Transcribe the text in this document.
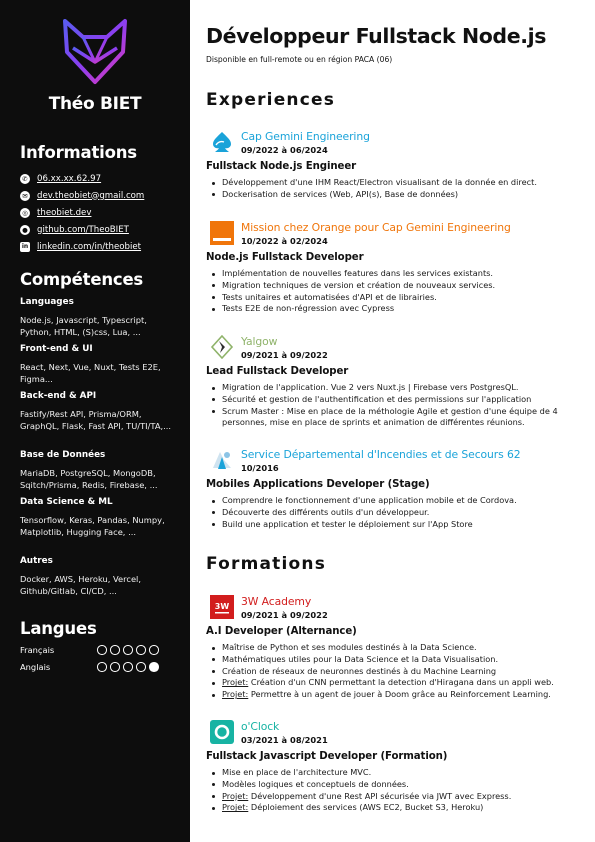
Théo BIET
Informations
✆ 06.xx.xx.62.97
✉ dev.theobiet@gmail.com
◎ theobiet.dev
● github.com/TheoBIET
in linkedin.com/in/theobiet
Compétences
Languages
Node.js, Javascript, Typescript, Python, HTML, (S)css, Lua, ...
Front-end & UI
React, Next, Vue, Nuxt, Tests E2E, Figma...
Back-end & API
Fastify/Rest API, Prisma/ORM, GraphQL, Flask, Fast API, TU/TI/TA,...
Base de Données
MariaDB, PostgreSQL, MongoDB, Sqitch/Prisma, Redis, Firebase, ...
Data Science & ML
Tensorflow, Keras, Pandas, Numpy, Matplotlib, Hugging Face, ...
Autres
Docker, AWS, Heroku, Vercel, Github/Gitlab, CI/CD, ...
Langues
Français
Anglais
Développeur Fullstack Node.js
Disponible en full-remote ou en région PACA (06)
Experiences
Cap Gemini Engineering
09/2022 à 06/2024
Fullstack Node.js Engineer
Développement d'une IHM React/Electron visualisant de la donnée en direct.
Dockerisation de services (Web, API(s), Base de données)
Mission chez Orange pour Cap Gemini Engineering
10/2022 à 02/2024
Node.js Fullstack Developer
Implémentation de nouvelles features dans les services existants.
Migration techniques de version et création de nouveaux services.
Tests unitaires et automatisées d'API et de librairies.
Tests E2E de non-régression avec Cypress
Yalgow
09/2021 à 09/2022
Lead Fullstack Developer
Migration de l'application. Vue 2 vers Nuxt.js | Firebase vers PostgresQL.
Sécurité et gestion de l'authentification et des permissions sur l'application
Scrum Master : Mise en place de la méthologie Agile et gestion d'une équipe de 4 personnes, mise en place de sprints et animation de différentes réunions.
Service Départemental d'Incendies et de Secours 62
10/2016
Mobiles Applications Developer (Stage)
Comprendre le fonctionnement d'une application mobile et de Cordova.
Découverte des différents outils d'un développeur.
Build une application et tester le déploiement sur l'App Store
Formations
3W 3W Academy
09/2021 à 09/2022
A.I Developer (Alternance)
Maîtrise de Python et ses modules destinés à la Data Science.
Mathématiques utiles pour la Data Science et la Data Visualisation.
Création de réseaux de neuronnes destinés à du Machine Learning
Projet: Création d'un CNN permettant la detection d'Hiragana dans un appli web.
Projet: Permettre à un agent de jouer à Doom grâce au Reinforcement Learning.
o'Clock
03/2021 à 08/2021
Fullstack Javascript Developer (Formation)
Mise en place de l'architecture MVC.
Modèles logiques et conceptuels de données.
Projet: Développement d'une Rest API sécurisée via JWT avec Express.
Projet: Déploiement des services (AWS EC2, Bucket S3, Heroku)
